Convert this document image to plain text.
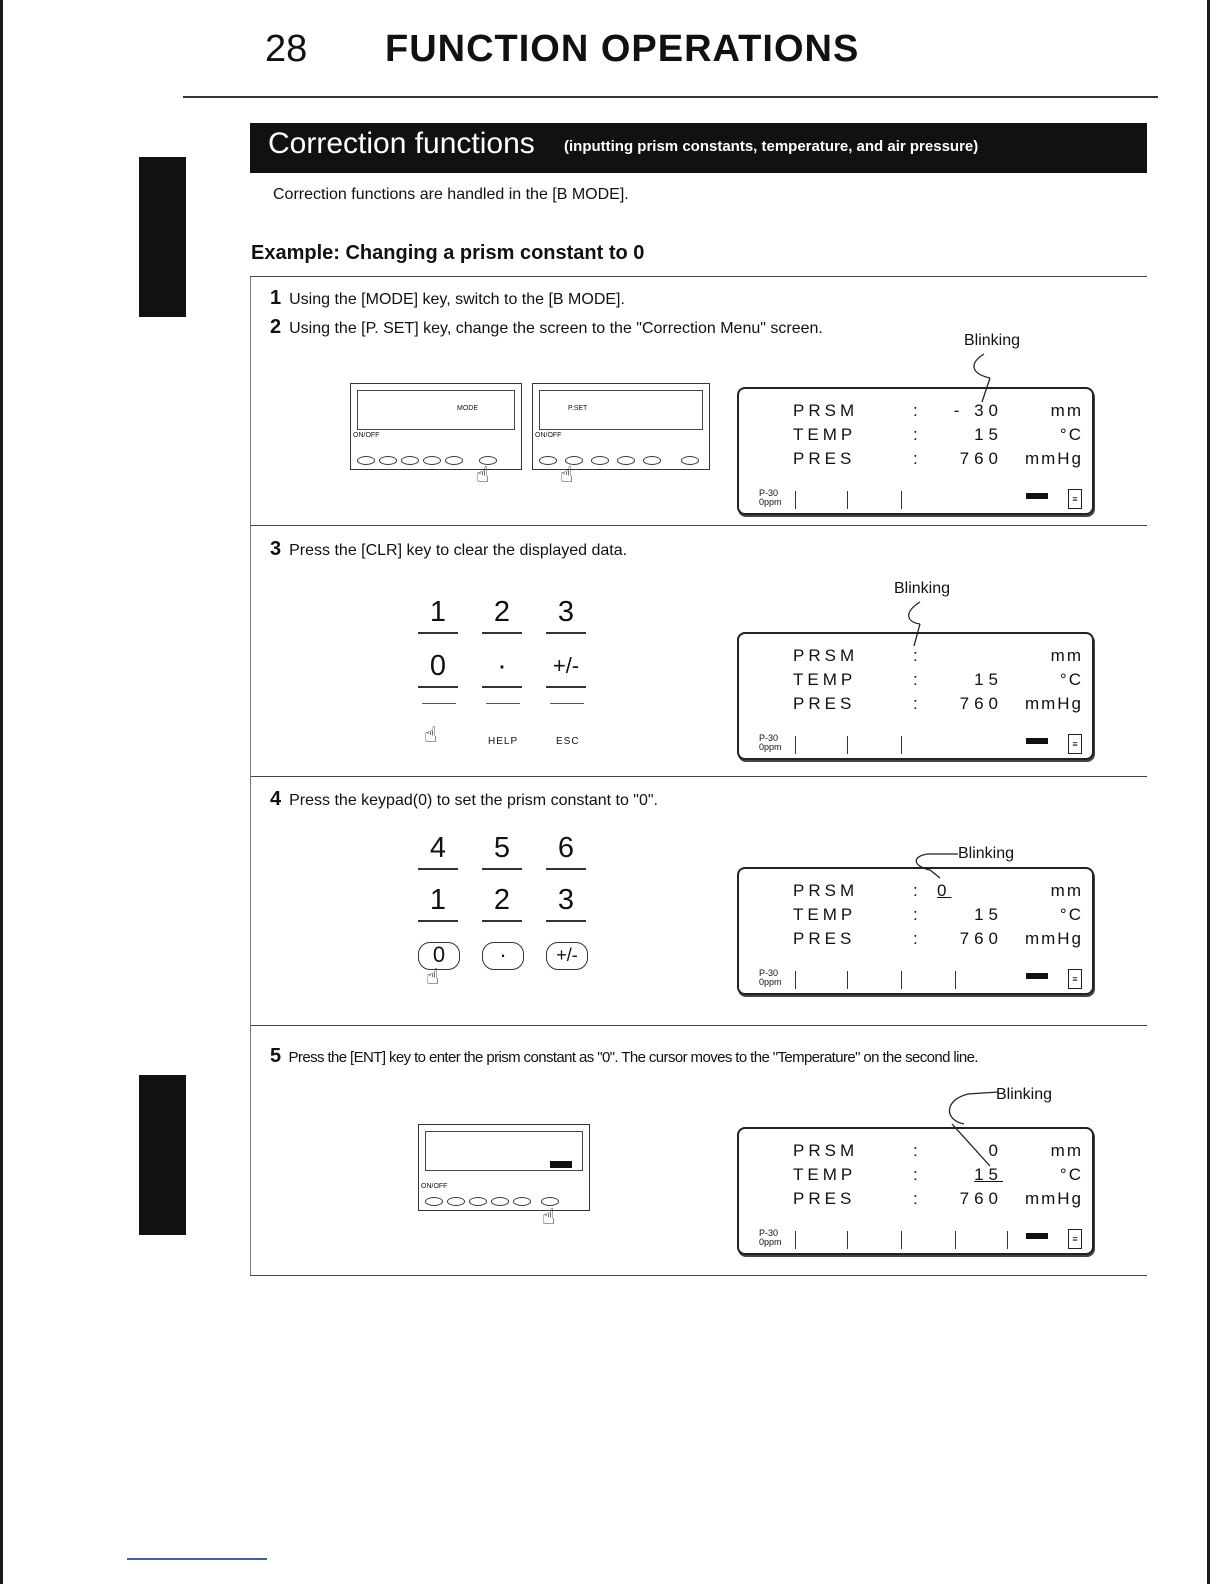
28 FUNCTION OPERATIONS
Correction functions (inputting prism constants, temperature, and air pressure)
Correction functions are handled in the [B MODE].
Example: Changing a prism constant to 0
1 Using the [MODE] key, switch to the [B MODE].
2 Using the [P. SET] key, change the screen to the "Correction Menu" screen.
3 Press the [CLR] key to clear the displayed data.
4 Press the keypad(0) to set the prism constant to "0".
5 Press the [ENT] key to enter the prism constant as "0". The cursor moves to the "Temperature" on the second line.
MODE
ON/OFF
☝
P.SET
ON/OFF
☝
ON/OFF
☝
1	2	3
0	·	+/-
☝	HELP	ESC
4	5	6
1	2	3
0	·	+/-
☝
PRSM	: - 30	mm
TEMP	:	15	°C
PRES	: 760 mmHg
P-30
0ppm	≡
PRSM	:	mm
TEMP	:	15	°C
PRES	: 760 mmHg
P-30
0ppm	≡
PRSM	: 0	mm
TEMP	:	15	°C
PRES	: 760 mmHg
P-30
0ppm	≡
PRSM	:	0	mm
TEMP	:	15	°C
PRES	: 760 mmHg
P-30
0ppm	≡
Blinking
Blinking
Blinking
Blinking
